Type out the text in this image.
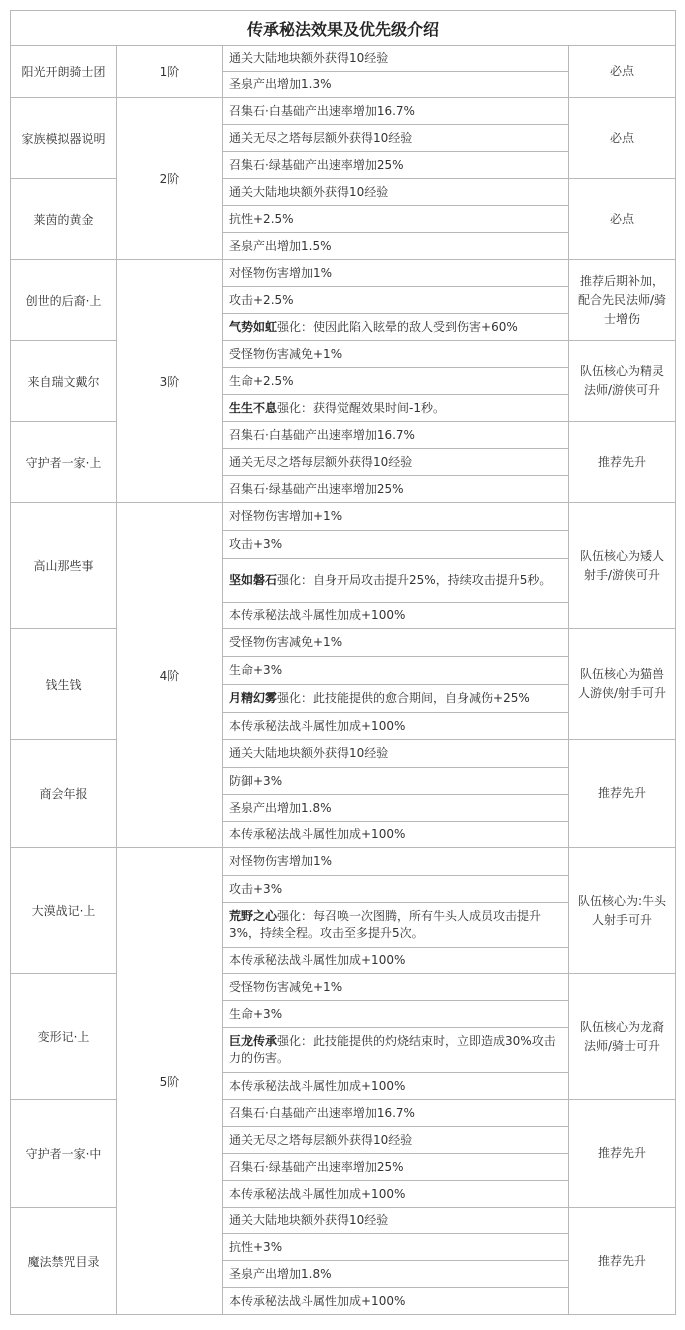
传承秘法效果及优先级介绍			
阳光开朗骑士团	1阶	通关大陆地块额外获得10经验	必点
		圣泉产出增加1.3%	
家族模拟器说明	2阶	召集石·白基础产出速率增加16.7%	必点
		通关无尽之塔每层额外获得10经验	
		召集石·绿基础产出速率增加25%	
莱茵的黄金		通关大陆地块额外获得10经验	必点
		抗性+2.5%	
		圣泉产出增加1.5%	
创世的后裔·上	3阶	对怪物伤害增加1%	推荐后期补加，配合先民法师/骑士增伤
		攻击+2.5%	
		气势如虹强化：使因此陷入眩晕的敌人受到伤害+60%	
来自瑞文戴尔		受怪物伤害减免+1%	队伍核心为精灵法师/游侠可升
		生命+2.5%	
		生生不息强化：获得觉醒效果时间-1秒。	
守护者一家·上		召集石·白基础产出速率增加16.7%	推荐先升
		通关无尽之塔每层额外获得10经验	
		召集石·绿基础产出速率增加25%	
高山那些事	4阶	对怪物伤害增加+1%	队伍核心为矮人射手/游侠可升
		攻击+3%	
		坚如磐石强化：自身开局攻击提升25%，持续攻击提升5秒。	
		本传承秘法战斗属性加成+100%	
钱生钱		受怪物伤害减免+1%	队伍核心为猫兽人游侠/射手可升
		生命+3%	
		月精幻雾强化：此技能提供的愈合期间，自身减伤+25%	
		本传承秘法战斗属性加成+100%	
商会年报		通关大陆地块额外获得10经验	推荐先升
		防御+3%	
		圣泉产出增加1.8%	
		本传承秘法战斗属性加成+100%	
大漠战记·上	5阶	对怪物伤害增加1%	队伍核心为:牛头人射手可升
		攻击+3%	
		荒野之心强化：每召唤一次图腾，所有牛头人成员攻击提升3%，持续全程。攻击至多提升5次。	
		本传承秘法战斗属性加成+100%	
变形记·上		受怪物伤害减免+1%	队伍核心为龙裔法师/骑士可升
		生命+3%	
		巨龙传承强化：此技能提供的灼烧结束时，立即造成30%攻击力的伤害。	
		本传承秘法战斗属性加成+100%	
守护者一家·中		召集石·白基础产出速率增加16.7%	推荐先升
		通关无尽之塔每层额外获得10经验	
		召集石·绿基础产出速率增加25%	
		本传承秘法战斗属性加成+100%	
魔法禁咒目录		通关大陆地块额外获得10经验	推荐先升
		抗性+3%	
		圣泉产出增加1.8%	
		本传承秘法战斗属性加成+100%	
